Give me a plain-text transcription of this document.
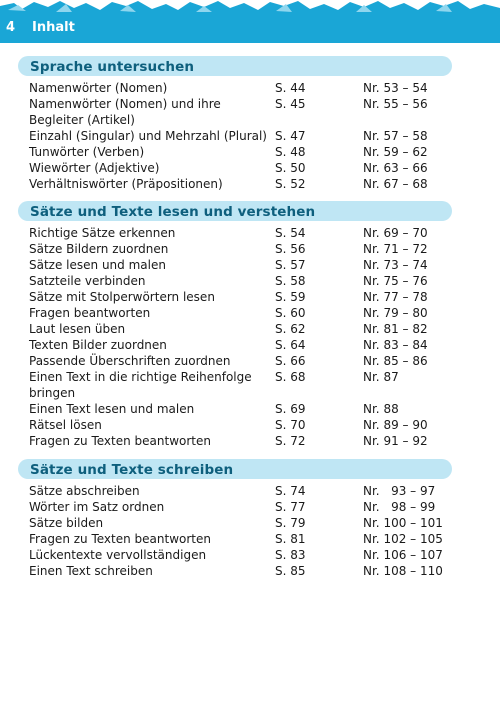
4 Inhalt
Sprache untersuchen
Namenwörter (Nomen)	S. 44	Nr. 53 – 54
Namenwörter (Nomen) und ihre Begleiter (Artikel)
S. 45	Nr. 55 – 56
Einzahl (Singular) und Mehrzahl (Plural) S. 47	Nr. 57 – 58
Tunwörter (Verben)	S. 48	Nr. 59 – 62
Wiewörter (Adjektive)	S. 50	Nr. 63 – 66
Verhältniswörter (Präpositionen)	S. 52	Nr. 67 – 68
Sätze und Texte lesen und verstehen
Richtige Sätze erkennen	S. 54	Nr. 69 – 70
Sätze Bildern zuordnen	S. 56	Nr. 71 – 72
Sätze lesen und malen	S. 57	Nr. 73 – 74
Satzteile verbinden	S. 58	Nr. 75 – 76
Sätze mit Stolperwörtern lesen	S. 59	Nr. 77 – 78
Fragen beantworten	S. 60	Nr. 79 – 80
Laut lesen üben	S. 62	Nr. 81 – 82
Texten Bilder zuordnen	S. 64	Nr. 83 – 84
Passende Überschriften zuordnen	S. 66	Nr. 85 – 86
Einen Text in die richtige Reihenfolge bringen
S. 68	Nr. 87
Einen Text lesen und malen	S. 69	Nr. 88
Rätsel lösen	S. 70	Nr. 89 – 90
Fragen zu Texten beantworten	S. 72	Nr. 91 – 92
Sätze und Texte schreiben
Sätze abschreiben	S. 74	Nr.   93 – 97
Wörter im Satz ordnen	S. 77	Nr.   98 – 99
Sätze bilden	S. 79	Nr. 100 – 101
Fragen zu Texten beantworten	S. 81	Nr. 102 – 105
Lückentexte vervollständigen	S. 83	Nr. 106 – 107
Einen Text schreiben	S. 85	Nr. 108 – 110
